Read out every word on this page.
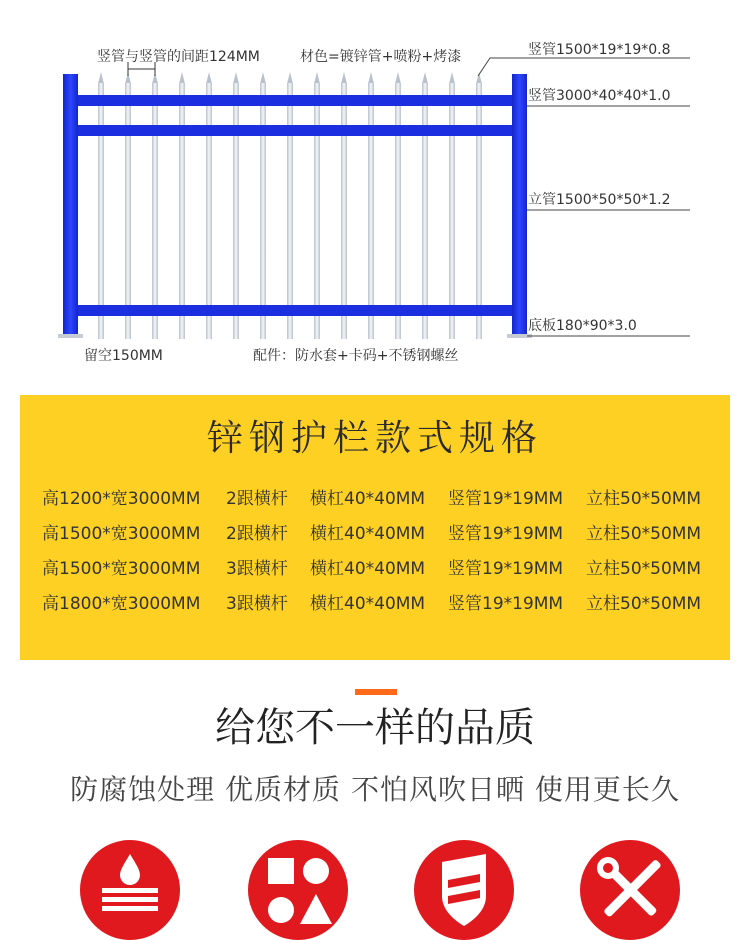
竖管与竖管的间距124MM	材色=镀锌管+喷粉+烤漆	竖管1500*19*19*0.8
竖管3000*40*40*1.0
立管1500*50*50*1.2
底板180*90*3.0
留空150MM	配件：防水套+卡码+不锈钢螺丝
锌钢护栏款式规格
高1200*宽3000MM 2跟横杆 横杠40*40MM 竖管19*19MM 立柱50*50MM
高1500*宽3000MM 2跟横杆 横杠40*40MM 竖管19*19MM 立柱50*50MM
高1500*宽3000MM 3跟横杆 横杠40*40MM 竖管19*19MM 立柱50*50MM
高1800*宽3000MM 3跟横杆 横杠40*40MM 竖管19*19MM 立柱50*50MM
给您不一样的品质
防腐蚀处理 优质材质 不怕风吹日晒 使用更长久
